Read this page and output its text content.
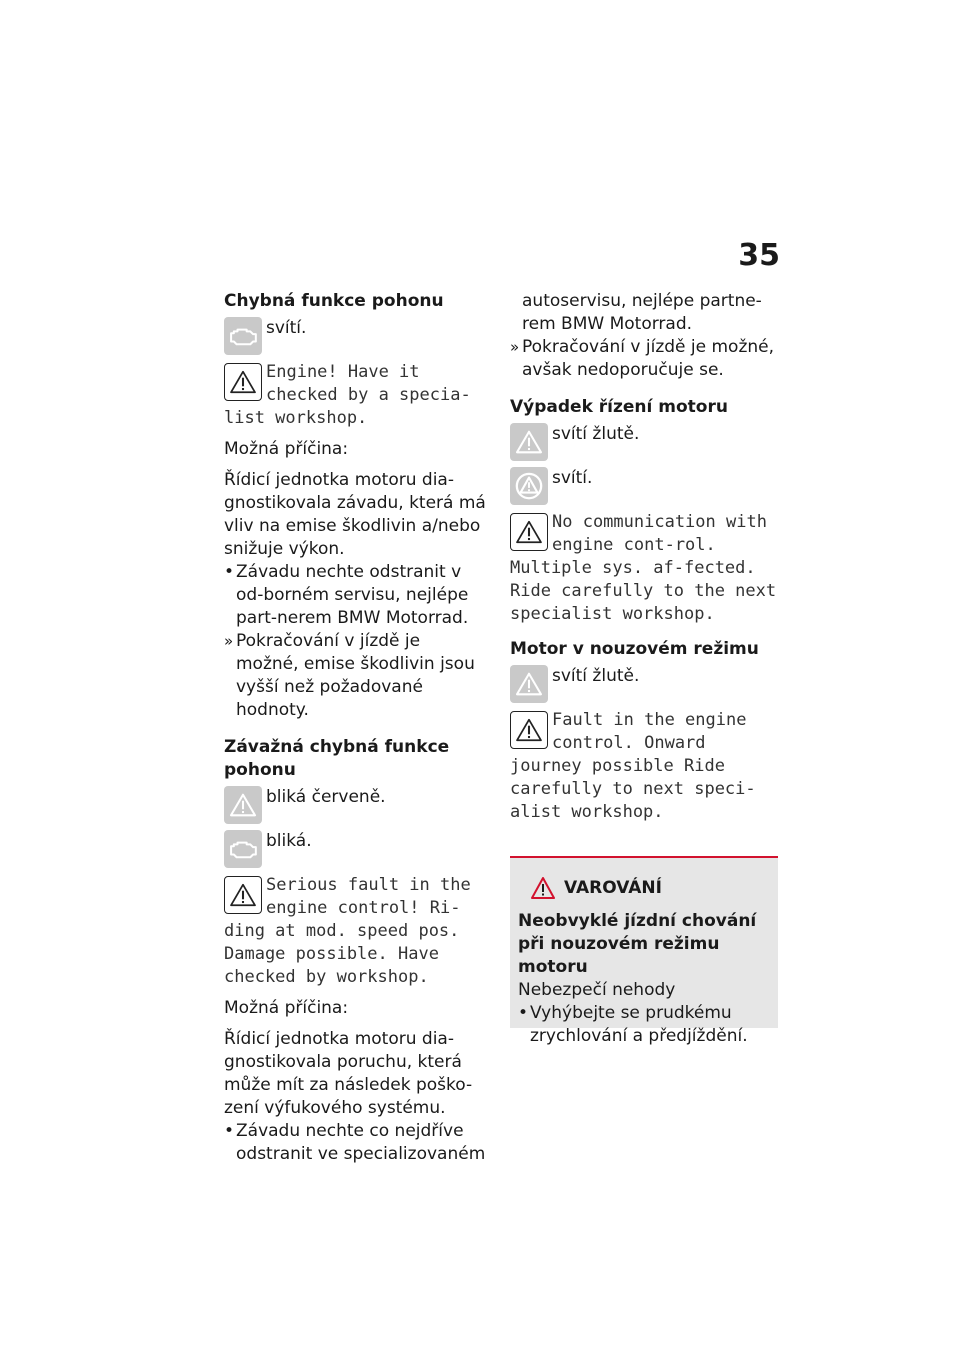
35
Chybná funkce pohonu
svítí.
Engine! Have it checked by a specia-list workshop.
Možná příčina:
Řídicí jednotka motoru dia-gnostikovala závadu, která má vliv na emise škodlivin a/nebo snižuje výkon.
• Závadu nechte odstranit v od-borném servisu, nejlépe part-nerem BMW Motorrad.
» Pokračování v jízdě je možné, emise škodlivin jsou vyšší než požadované hodnoty.
Závažná chybná funkce pohonu
bliká červeně.
bliká.
Serious fault in the engine control! Ri-ding at mod. speed pos. Damage possible. Have checked by workshop.
Možná příčina:
Řídicí jednotka motoru dia-gnostikovala poruchu, která může mít za následek poško-zení výfukového systému.
• Závadu nechte co nejdříve odstranit ve specializovaném
autoservisu, nejlépe partne-rem BMW Motorrad.
» Pokračování v jízdě je možné, avšak nedoporučuje se.
Výpadek řízení motoru
svítí žlutě.
svítí.
No communication with engine cont-rol. Multiple sys. af-fected. Ride carefully to the next specialist workshop.
Motor v nouzovém režimu
svítí žlutě.
Fault in the engine control. Onward journey possible Ride carefully to next speci-alist workshop.
VAROVÁNÍ
Neobvyklé jízdní chování při nouzovém režimu motoru
Nebezpečí nehody
• Vyhýbejte se prudkému zrychlování a předjíždění.
